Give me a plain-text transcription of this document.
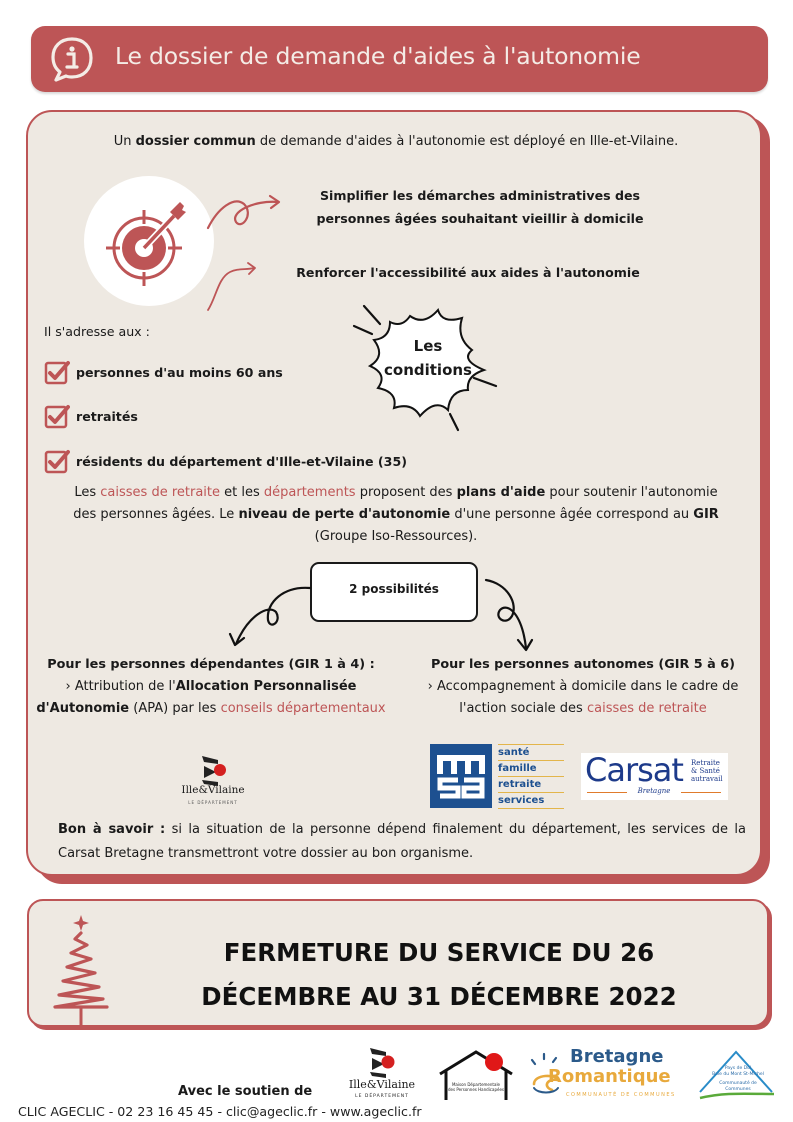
Le dossier de demande d'aides à l'autonomie

Un dossier commun de demande d'aides à l'autonomie est déployé en Ille-et-Vilaine.

Simplifier les démarches administratives des
personnes âgées souhaitant vieillir à domicile
Renforcer l'accessibilité aux aides à l'autonomie

Il s'adresse aux :

personnes d'au moins 60 ans
retraités
résidents du département d'Ille-et-Vilaine (35)
Les
conditions

Les caisses de retraite et les départements proposent des plans d'aide pour soutenir l'autonomie des personnes âgées. Le niveau de perte d'autonomie d'une personne âgée correspond au GIR (Groupe Iso-Ressources).

2 possibilités
Pour les personnes dépendantes (GIR 1 à 4) :
› Attribution de l'Allocation Personnalisée d'Autonomie (APA) par les conseils départementaux
Pour les personnes autonomes (GIR 5 à 6)
› Accompagnement à domicile dans le cadre de l'action sociale des caisses de retraite
Ille&Vilaine
LE DÉPARTEMENT
santé
famille
retraite
services
Carsat Retraite
& Santé
autravail
Bretagne

Bon à savoir : si la situation de la personne dépend finalement du département, les services de la Carsat Bretagne transmettront votre dossier au bon organisme.

FERMETURE DU SERVICE DU 26
DÉCEMBRE AU 31 DÉCEMBRE 2022
Avec le soutien de	Ille&Vilaine
LE DÉPARTEMENT
Maison Départementale des Personnes Handicapées
Bretagne
Romantique
COMMUNAUTÉ DE COMMUNES
Pays de Dol
Baie du Mont St-Michel
Communauté de Communes
CLIC AGECLIC - 02 23 16 45 45 - clic@ageclic.fr - www.ageclic.fr
